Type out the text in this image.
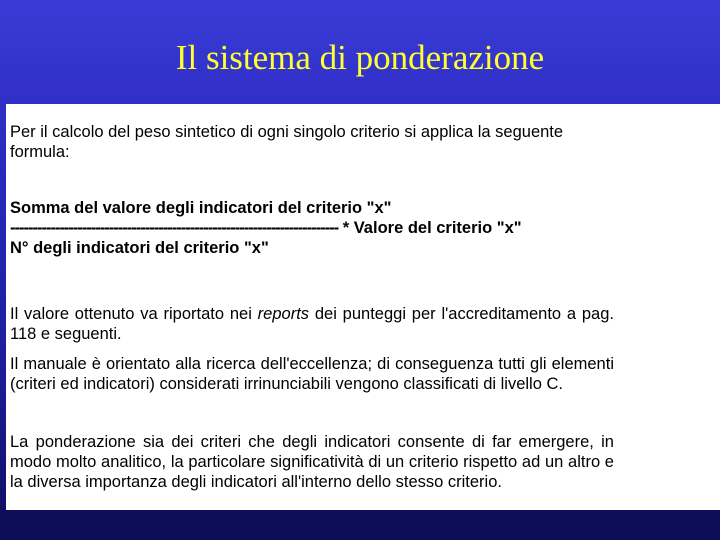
Il sistema di ponderazione

Per il calcolo del peso sintetico di ogni singolo criterio si applica la seguente formula:

Somma del valore degli indicatori del criterio "x"

------------------------------------------------------------------------- * Valore del criterio "x"

N° degli indicatori del criterio "x"

Il valore ottenuto va riportato nei reports dei punteggi per l'accreditamento a pag. 118 e seguenti.

Il manuale è orientato alla ricerca dell'eccellenza; di conseguenza tutti gli elementi (criteri ed indicatori) considerati irrinunciabili vengono classificati di livello C.

La ponderazione sia dei criteri che degli indicatori consente di far emergere, in modo molto analitico, la particolare significatività di un criterio rispetto ad un altro e la diversa importanza degli indicatori all'interno dello stesso criterio.
